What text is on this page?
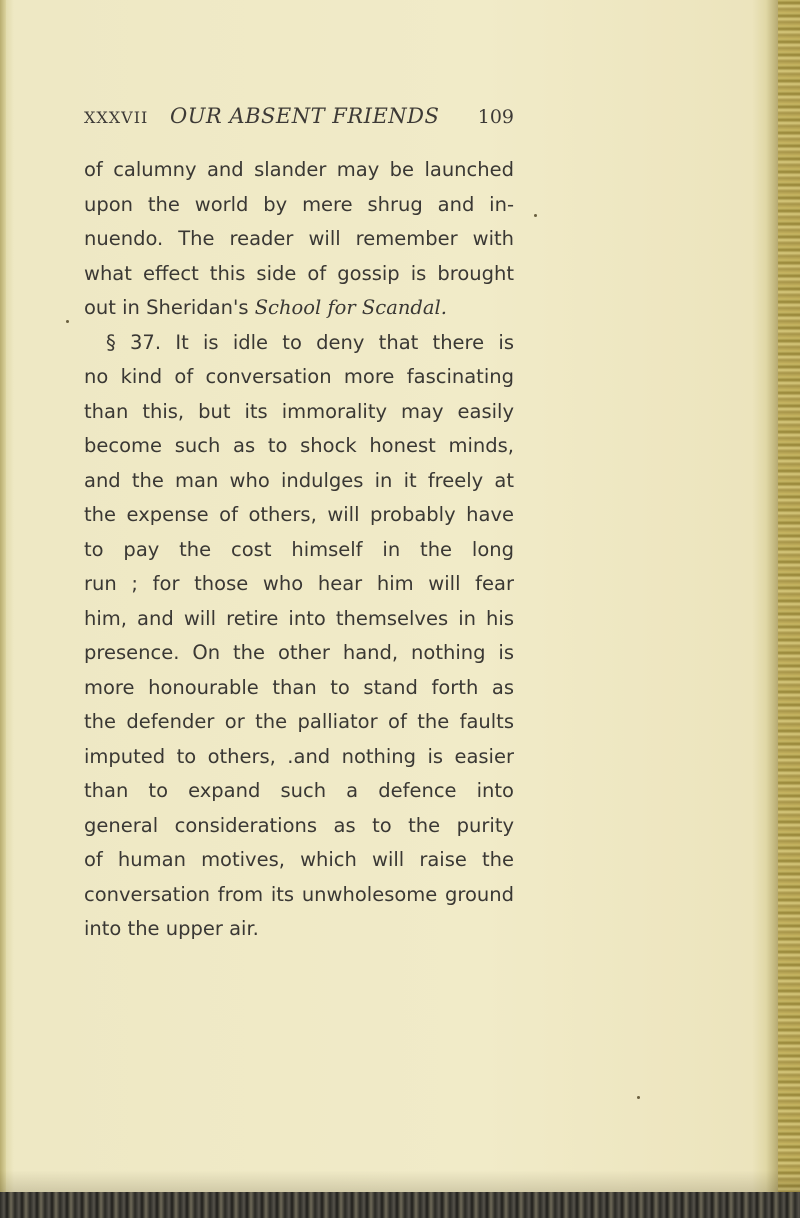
XXXVII OUR ABSENT FRIENDS 109
of calumny and slander may be launched
upon the world by mere shrug and in-
nuendo. The reader will remember with
what effect this side of gossip is brought
out in Sheridan's School for Scandal.
§ 37. It is idle to deny that there is
no kind of conversation more fascinating
than this, but its immorality may easily
become such as to shock honest minds,
and the man who indulges in it freely at
the expense of others, will probably have
to pay the cost himself in the long
run ; for those who hear him will fear
him, and will retire into themselves in his
presence. On the other hand, nothing is
more honourable than to stand forth as
the defender or the palliator of the faults
imputed to others, .and nothing is easier
than to expand such a defence into
general considerations as to the purity
of human motives, which will raise the
conversation from its unwholesome ground
into the upper air.
